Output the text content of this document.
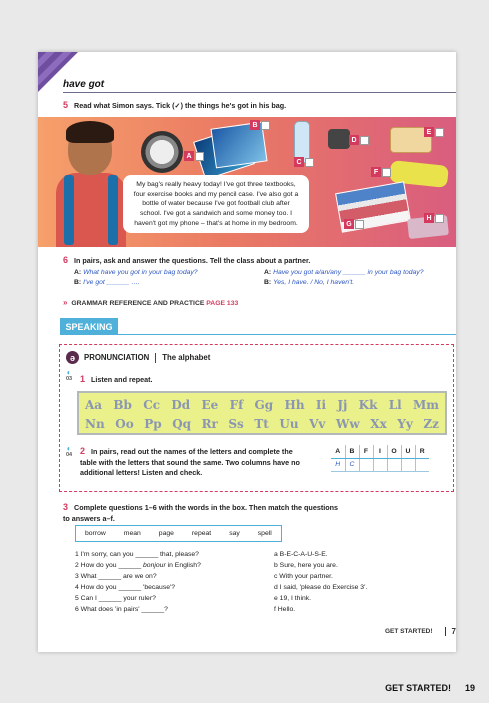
have got
5 Read what Simon says. Tick (✓) the things he's got in his bag.
A
B
C
D
E
F
G
H
My bag's really heavy today! I've got three textbooks, four exercise books and my pencil case. I've also got a bottle of water because I've got football club after school. I've got a sandwich and some money too. I haven't got my phone – that's at home in my bedroom.
6 In pairs, ask and answer the questions. Tell the class about a partner.
A: What have you got in your bag today?
B: I've got ______ ….
A: Have you got a/an/any ______ in your bag today?
B: Yes, I have. / No, I haven't.
» GRAMMAR REFERENCE AND PRACTICE PAGE 133
SPEAKING
ə	PRONUNCIATION The alphabet
◐
03 1 Listen and repeat.
Aa Bb Cc Dd Ee Ff Gg Hh Ii Jj Kk Ll Mm
Nn Oo Pp Qq Rr Ss Tt Uu Vv Ww Xx Yy Zz
◐
04 2 In pairs, read out the names of the letters and complete the table with the letters that sound the same. Two columns have no additional letters! Listen and check.
A	B	F	I	O	U	R
H	C					
3 Complete questions 1–6 with the words in the box. Then match the questions to answers a–f.
borrow	mean	page	repeat	say	spell
1 I'm sorry, can you ______ that, please?
2 How do you ______ bonjour in English?
3 What ______ are we on?
4 How do you ______ 'because'?
5 Can I ______ your ruler?
6 What does 'in pairs' ______?
a B-E-C-A-U-S-E.
b Sure, here you are.
c With your partner.
d I said, 'please do Exercise 3'.
e 19, I think.
f Hello.
GET STARTED!	7
GET STARTED! 19
